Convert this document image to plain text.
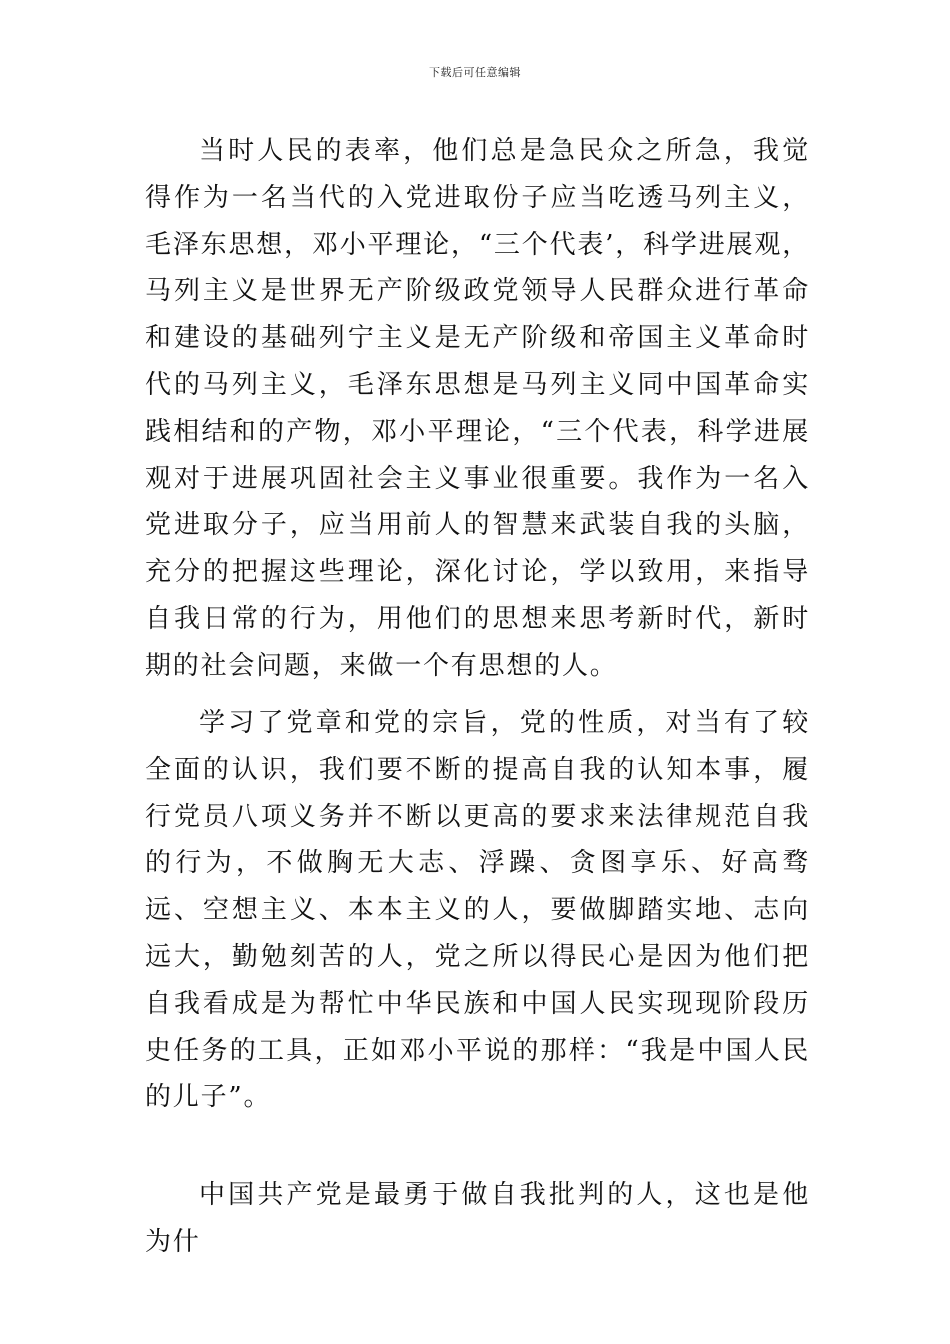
下载后可任意编辑

当时人民的表率，他们总是急民众之所急，我觉得作为一名当代的入党进取份子应当吃透马列主义，毛泽东思想，邓小平理论，“三个代表’，科学进展观，马列主义是世界无产阶级政党领导人民群众进行革命和建设的基础列宁主义是无产阶级和帝国主义革命时代的马列主义，毛泽东思想是马列主义同中国革命实践相结和的产物，邓小平理论，“三个代表，科学进展观对于进展巩固社会主义事业很重要。我作为一名入党进取分子，应当用前人的智慧来武装自我的头脑，充分的把握这些理论，深化讨论，学以致用，来指导自我日常的行为，用他们的思想来思考新时代，新时期的社会问题，来做一个有思想的人。

学习了党章和党的宗旨，党的性质，对当有了较全面的认识，我们要不断的提高自我的认知本事，履行党员八项义务并不断以更高的要求来法律规范自我的行为，不做胸无大志、浮躁、贪图享乐、好高骛远、空想主义、本本主义的人，要做脚踏实地、志向远大，勤勉刻苦的人，党之所以得民心是因为他们把自我看成是为帮忙中华民族和中国人民实现现阶段历史任务的工具，正如邓小平说的那样：“我是中国人民的儿子”。

中国共产党是最勇于做自我批判的人，这也是他为什
